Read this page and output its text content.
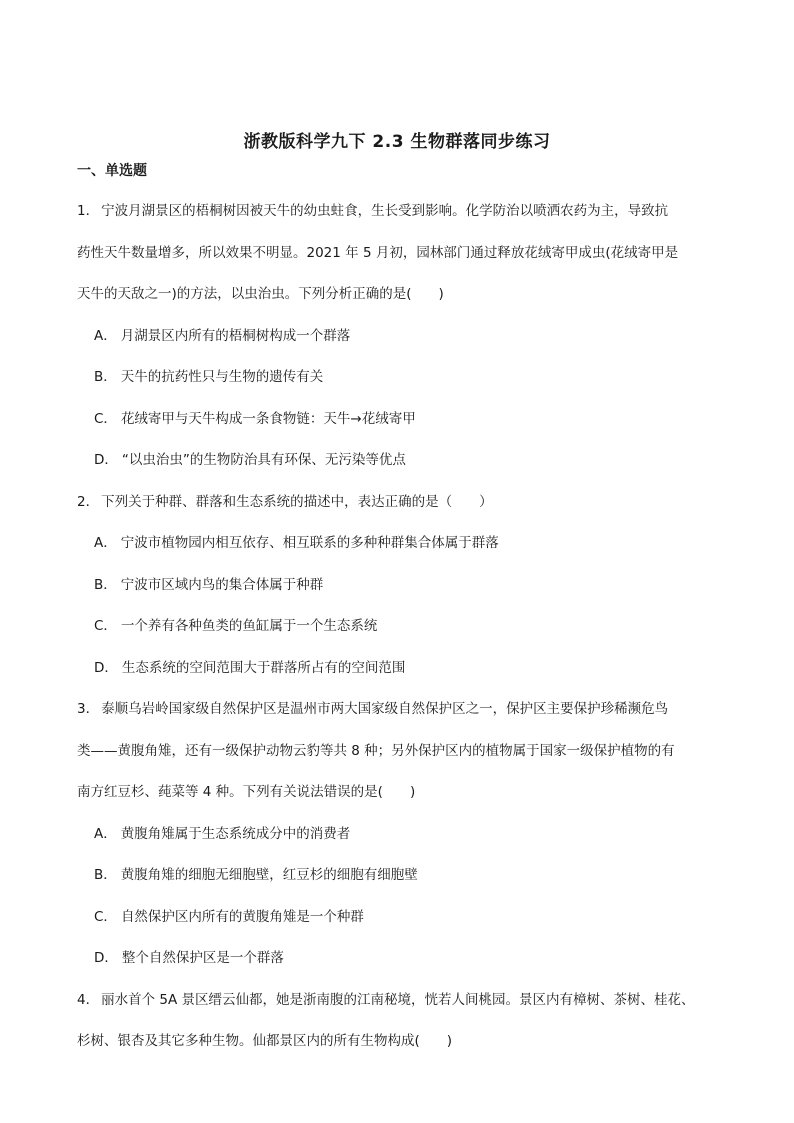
浙教版科学九下 2.3 生物群落同步练习
一、单选题

1． 宁波月湖景区的梧桐树因被天牛的幼虫蛀食，生长受到影响。化学防治以喷洒农药为主，导致抗

药性天牛数量增多，所以效果不明显。2021 年 5 月初，园林部门通过释放花绒寄甲成虫(花绒寄甲是

天牛的天敌之一)的方法，以虫治虫。下列分析正确的是(　　)

A． 月湖景区内所有的梧桐树构成一个群落

B． 天牛的抗药性只与生物的遗传有关

C． 花绒寄甲与天牛构成一条食物链：天牛→花绒寄甲

D． “以虫治虫”的生物防治具有环保、无污染等优点

2． 下列关于种群、群落和生态系统的描述中，表达正确的是（　　）

A． 宁波市植物园内相互依存、相互联系的多种种群集合体属于群落

B． 宁波市区域内鸟的集合体属于种群

C． 一个养有各种鱼类的鱼缸属于一个生态系统

D． 生态系统的空间范围大于群落所占有的空间范围

3． 泰顺乌岩岭国家级自然保护区是温州市两大国家级自然保护区之一，保护区主要保护珍稀濒危鸟

类——黄腹角雉，还有一级保护动物云豹等共 8 种；另外保护区内的植物属于国家一级保护植物的有

南方红豆杉、莼菜等 4 种。下列有关说法错误的是(　　)

A． 黄腹角雉属于生态系统成分中的消费者

B． 黄腹角雉的细胞无细胞壁，红豆杉的细胞有细胞壁

C． 自然保护区内所有的黄腹角雉是一个种群

D． 整个自然保护区是一个群落

4． 丽水首个 5A 景区缙云仙都，她是浙南腹的江南秘境，恍若人间桃园。景区内有樟树、茶树、桂花、

杉树、银杏及其它多种生物。仙都景区内的所有生物构成(　　)
